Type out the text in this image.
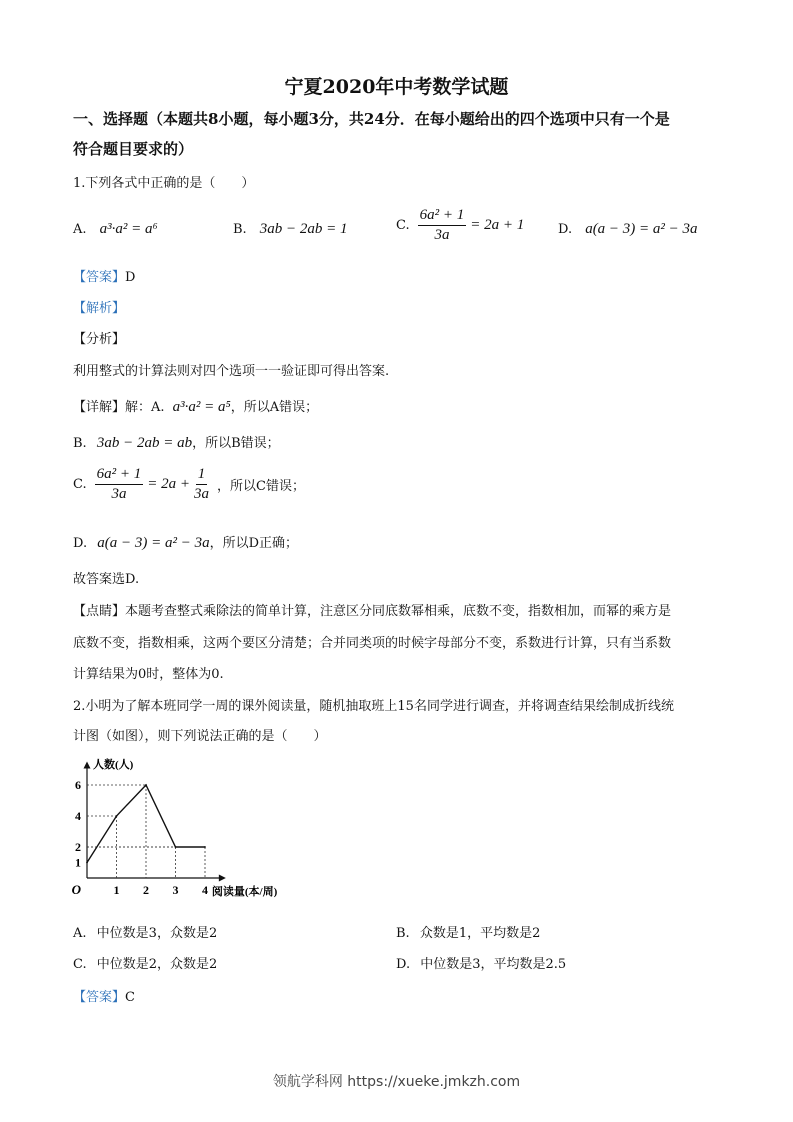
宁夏2020年中考数学试题
一、选择题（本题共8小题，每小题3分，共24分．在每小题给出的四个选项中只有一个是
符合题目要求的）
1.下列各式中正确的是（　　）
A. a³·a² = a⁶	B. 3ab − 2ab = 1	C. $\frac{\text{6a² + 1}}{3a} = 2a + 1$	D. a(a − 3) = a² − 3a
【答案】D
【解析】
【分析】
利用整式的计算法则对四个选项一一验证即可得出答案.
【详解】解：A. a³·a² = a⁵，所以A错误；
B. 3ab − 2ab = ab，所以B错误；
C. $\frac{\text{6a² + 1}}{3a} = 2a + \frac{1}{3a}$ ，所以C错误；
D. a(a − 3) = a² − 3a，所以D正确；
故答案选D.
【点睛】本题考查整式乘除法的简单计算，注意区分同底数幂相乘，底数不变，指数相加，而幂的乘方是
底数不变，指数相乘，这两个要区分清楚；合并同类项的时候字母部分不变，系数进行计算，只有当系数
计算结果为0时，整体为0.
2.小明为了解本班同学一周的课外阅读量，随机抽取班上15名同学进行调查，并将调查结果绘制成折线统
计图（如图），则下列说法正确的是（　　）
1 2 3 4
1
2
4
6
O	阅读量(本/周)
人数(人)
A. 中位数是3，众数是2	B. 众数是1，平均数是2
C. 中位数是2，众数是2	D. 中位数是3，平均数是2.5
【答案】C
领航学科网 https://xueke.jmkzh.com
